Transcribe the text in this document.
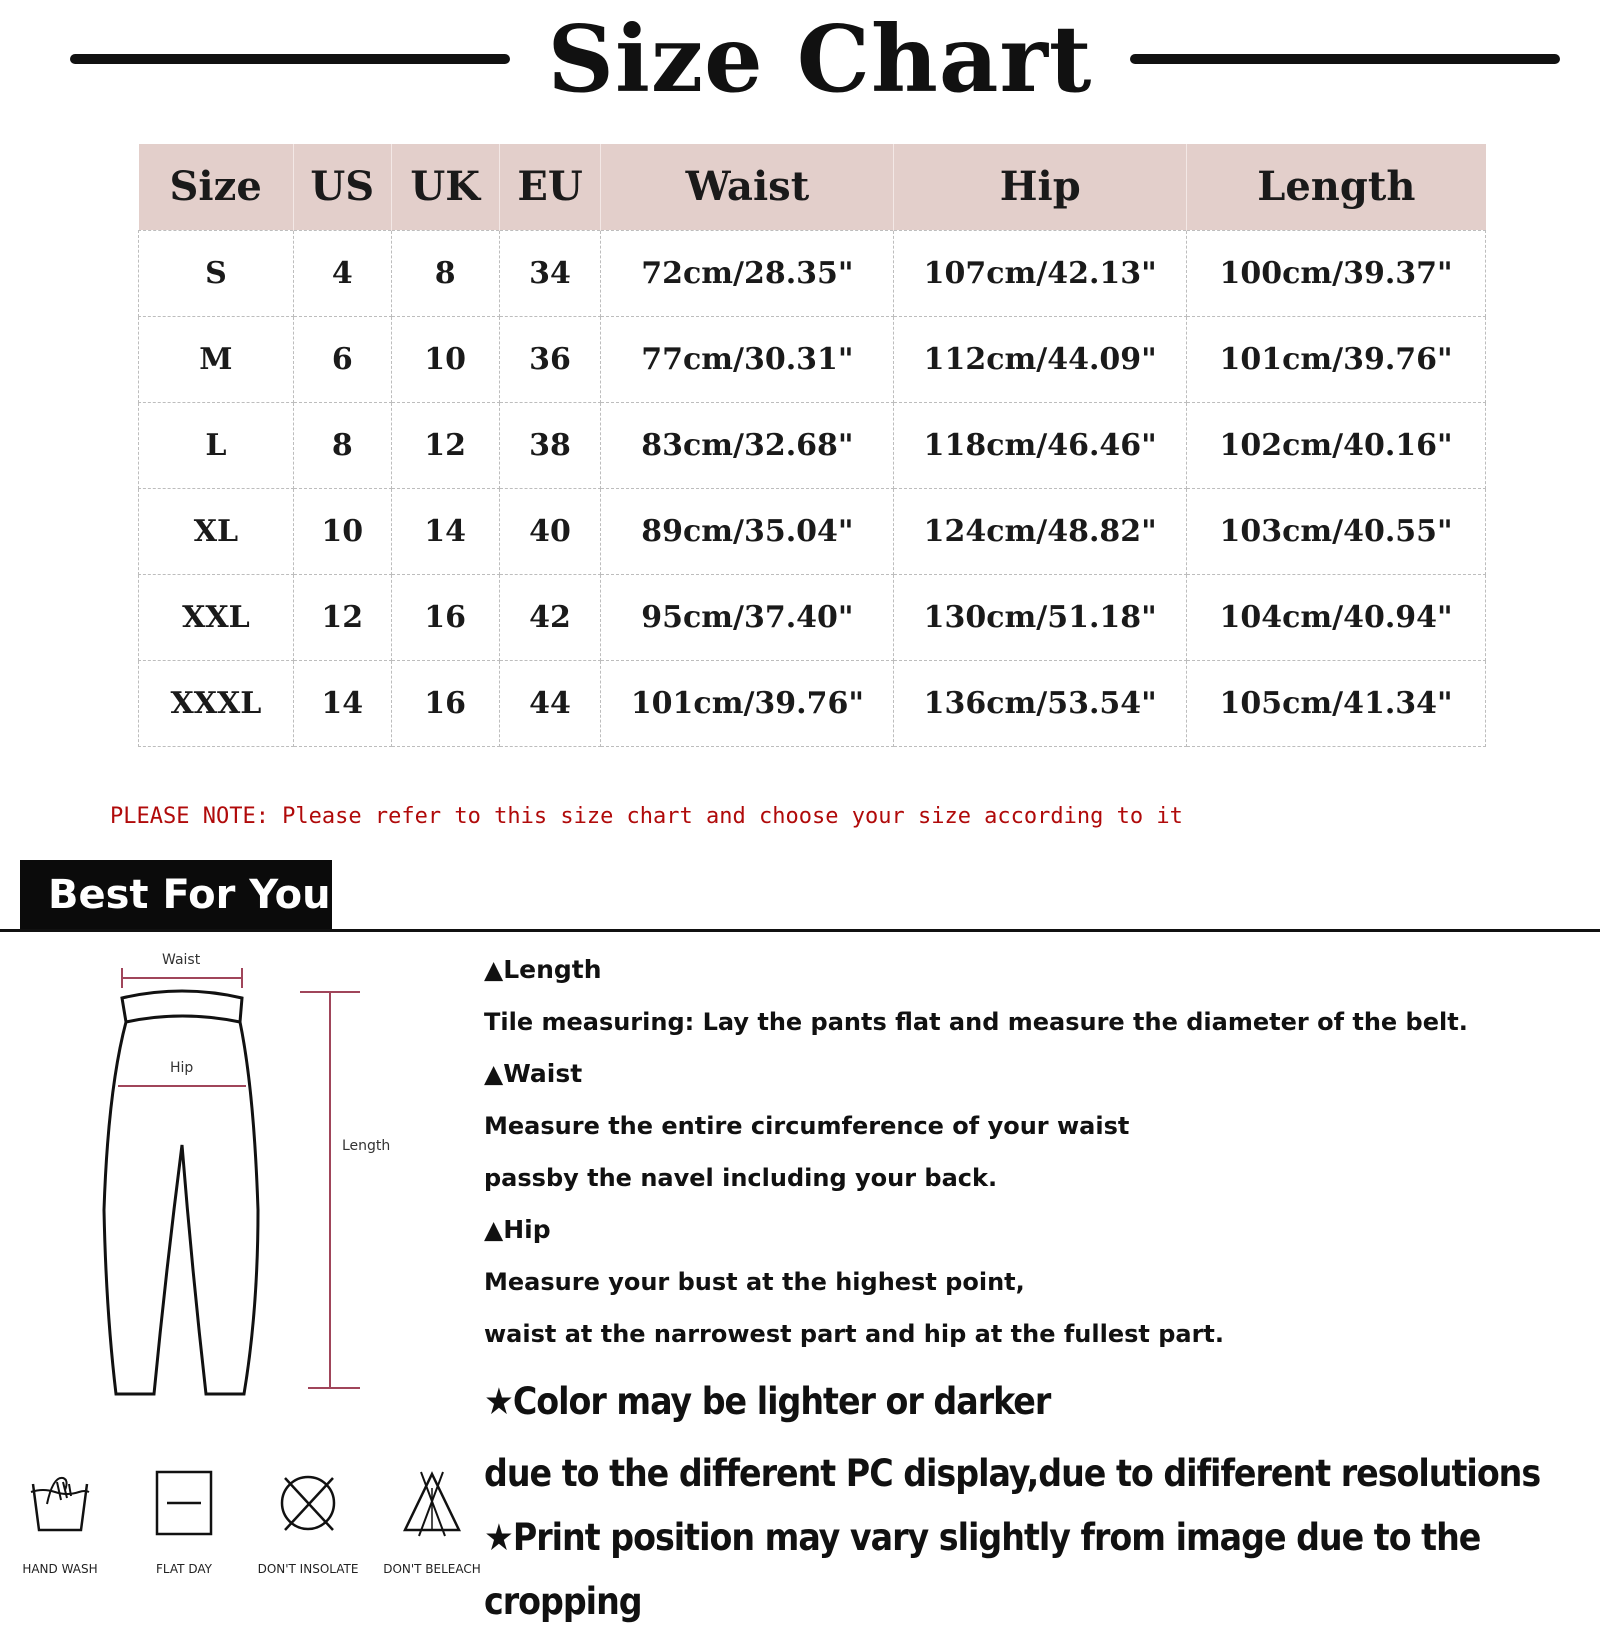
Size Chart
Size	US	UK	EU	Waist	Hip	Length
S	4	8	34	72cm/28.35"	107cm/42.13"	100cm/39.37"
M	6	10	36	77cm/30.31"	112cm/44.09"	101cm/39.76"
L	8	12	38	83cm/32.68"	118cm/46.46"	102cm/40.16"
XL	10	14	40	89cm/35.04"	124cm/48.82"	103cm/40.55"
XXL	12	16	42	95cm/37.40"	130cm/51.18"	104cm/40.94"
XXXL	14	16	44	101cm/39.76"	136cm/53.54"	105cm/41.34"
PLEASE NOTE: Please refer to this size chart and choose your size according to it
Best For You
Waist
Hip
Length
▲Length
Tile measuring: Lay the pants flat and measure the diameter of the belt.
▲Waist
Measure the entire circumference of your waist
passby the navel including your back.
▲Hip
Measure your bust at the highest point,
waist at the narrowest part and hip at the fullest part.
★Color may be lighter or darker
due to the different PC display,due to dififerent resolutions
★Print position may vary slightly from image due to the cropping
HAND WASH	FLAT DAY	DON'T INSOLATE	DON'T BELEACH
